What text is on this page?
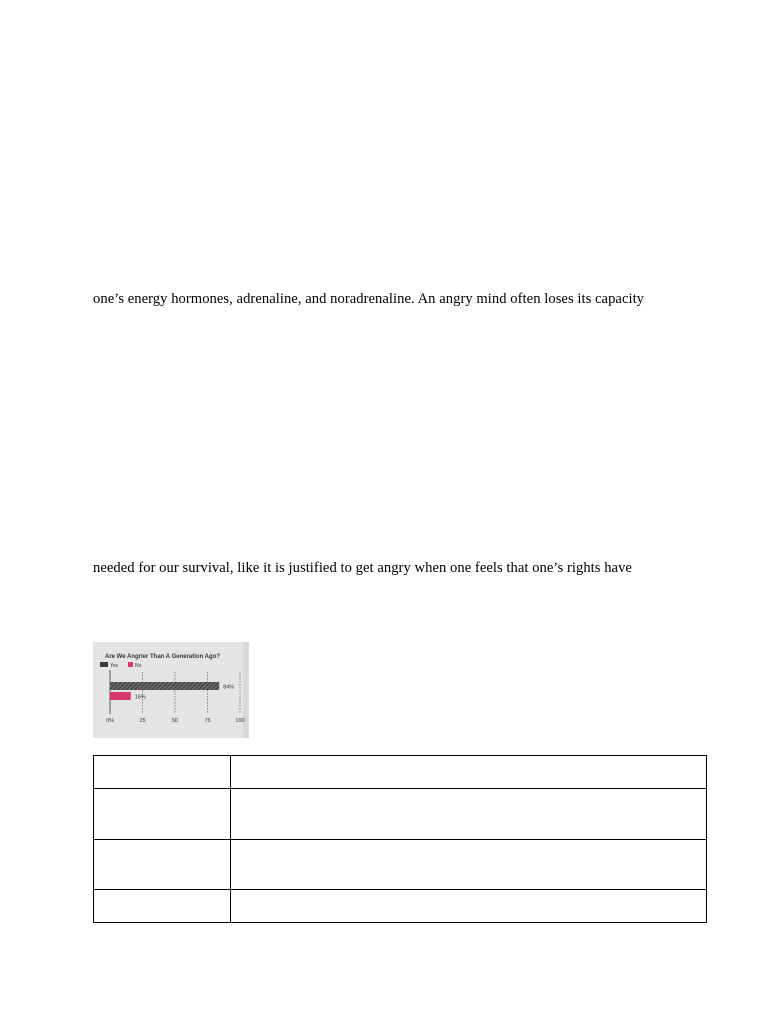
one’s energy hormones, adrenaline, and noradrenaline. An angry mind often loses its capacity
needed for our survival, like it is justified to get angry when one feels that one’s rights have
Are We Angrier Than A Generation Ago?
Yes	No
84%
16%
0%	25	50	75	100
